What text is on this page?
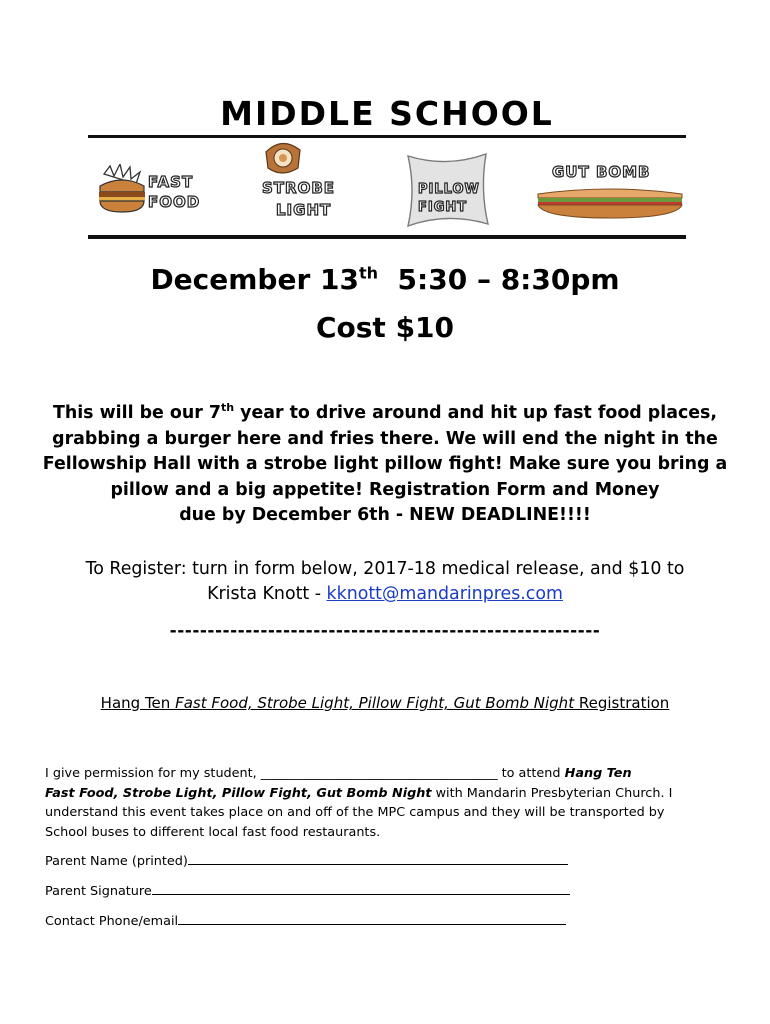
MIDDLE SCHOOL
FAST
FOOD
STROBE
LIGHT
PILLOW
FIGHT
GUT BOMB
December 13th 5:30 – 8:30pm
Cost $10
This will be our 7th year to drive around and hit up fast food places,
grabbing a burger here and fries there. We will end the night in the
Fellowship Hall with a strobe light pillow fight! Make sure you bring a
pillow and a big appetite! Registration Form and Money
due by December 6th - NEW DEADLINE!!!!
To Register: turn in form below, 2017-18 medical release, and $10 to
Krista Knott - kknott@mandarinpres.com
---------------------------------------------------------
Hang Ten Fast Food, Strobe Light, Pillow Fight, Gut Bomb Night Registration
I give permission for my student, _____________________________________ to attend Hang Ten
Fast Food, Strobe Light, Pillow Fight, Gut Bomb Night with Mandarin Presbyterian Church. I
understand this event takes place on and off of the MPC campus and they will be transported by
School buses to different local fast food restaurants.
Parent Name (printed)
Parent Signature
Contact Phone/email
